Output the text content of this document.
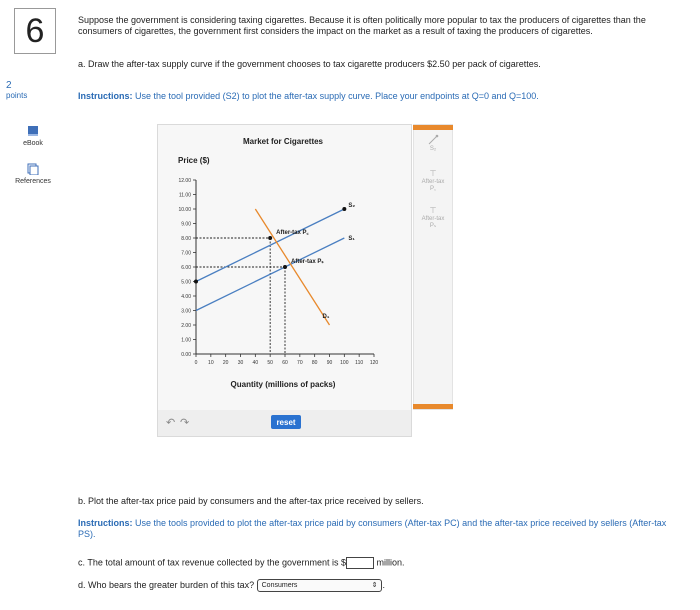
6
2
points
eBook
References
Suppose the government is considering taxing cigarettes. Because it is often politically more popular to tax the producers of cigarettes than the consumers of cigarettes, the government first considers the impact on the market as a result of taxing the producers of cigarettes.
a. Draw the after-tax supply curve if the government chooses to tax cigarette producers $2.50 per pack of cigarettes.
Instructions: Use the tool provided (S2) to plot the after-tax supply curve. Place your endpoints at Q=0 and Q=100.
Market for Cigarettes
Price ($)
Quantity (millions of packs)
0.00
1.00
2.00
3.00
4.00
5.00
6.00
7.00
8.00
9.00
10.00
11.00
12.00
0 10 20 30 40 50 60 70 80 90 100 110 120
S₁
S₂
D₁
After-tax P꜀
After-tax Pₛ
↶ ↷	reset
S₂
⊤
After-tax
P꜀
⊤
After-tax
Pₛ
b. Plot the after-tax price paid by consumers and the after-tax price received by sellers.
Instructions: Use the tools provided to plot the after-tax price paid by consumers (After-tax PC) and the after-tax price received by sellers (After-tax PS).
c. The total amount of tax revenue collected by the government is $	million.
d. Who bears the greater burden of this tax? Consumers	⇕ .
